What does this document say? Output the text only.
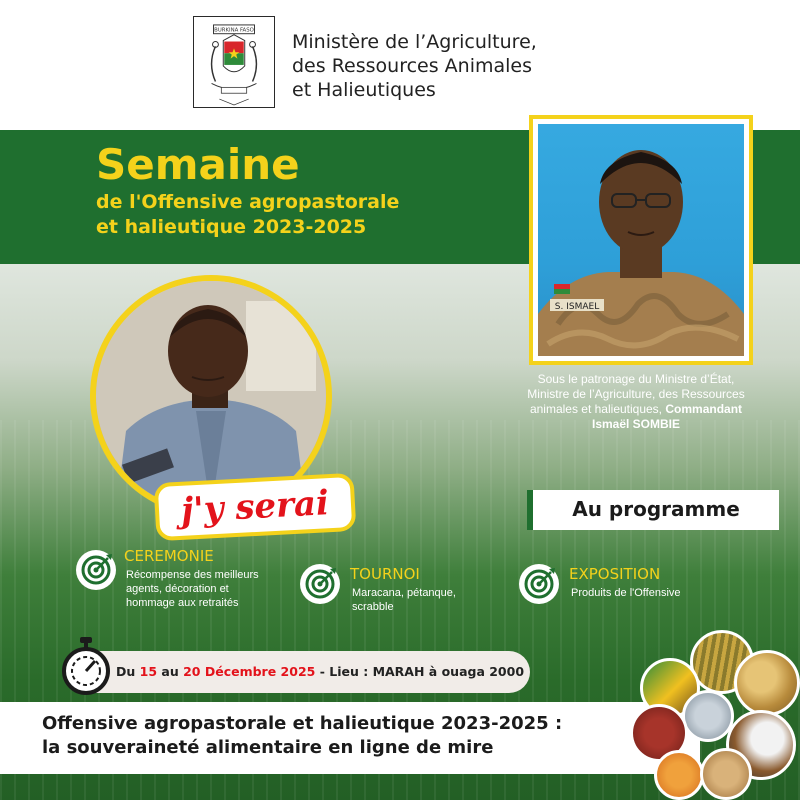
BURKINA FASO
Ministère de l’Agriculture,
des Ressources Animales
et Halieutiques
Semaine
de l'Offensive agropastorale
et halieutique 2023-2025
S. ISMAEL
Sous le patronage du Ministre d’État,
Ministre de l’Agriculture, des Ressources
animales et halieutiques, Commandant
Ismaël SOMBIE
j'y serai	Au programme
CEREMONIE
Récompense des meilleurs
agents, décoration et
hommage aux retraités
TOURNOI
Maracana, pétanque,
scrabble
EXPOSITION
Produits de l'Offensive
Du 15 au 20 Décembre 2025 - Lieu : MARAH à ouaga 2000
Offensive agropastorale et halieutique 2023-2025 :
la souveraineté alimentaire en ligne de mire
